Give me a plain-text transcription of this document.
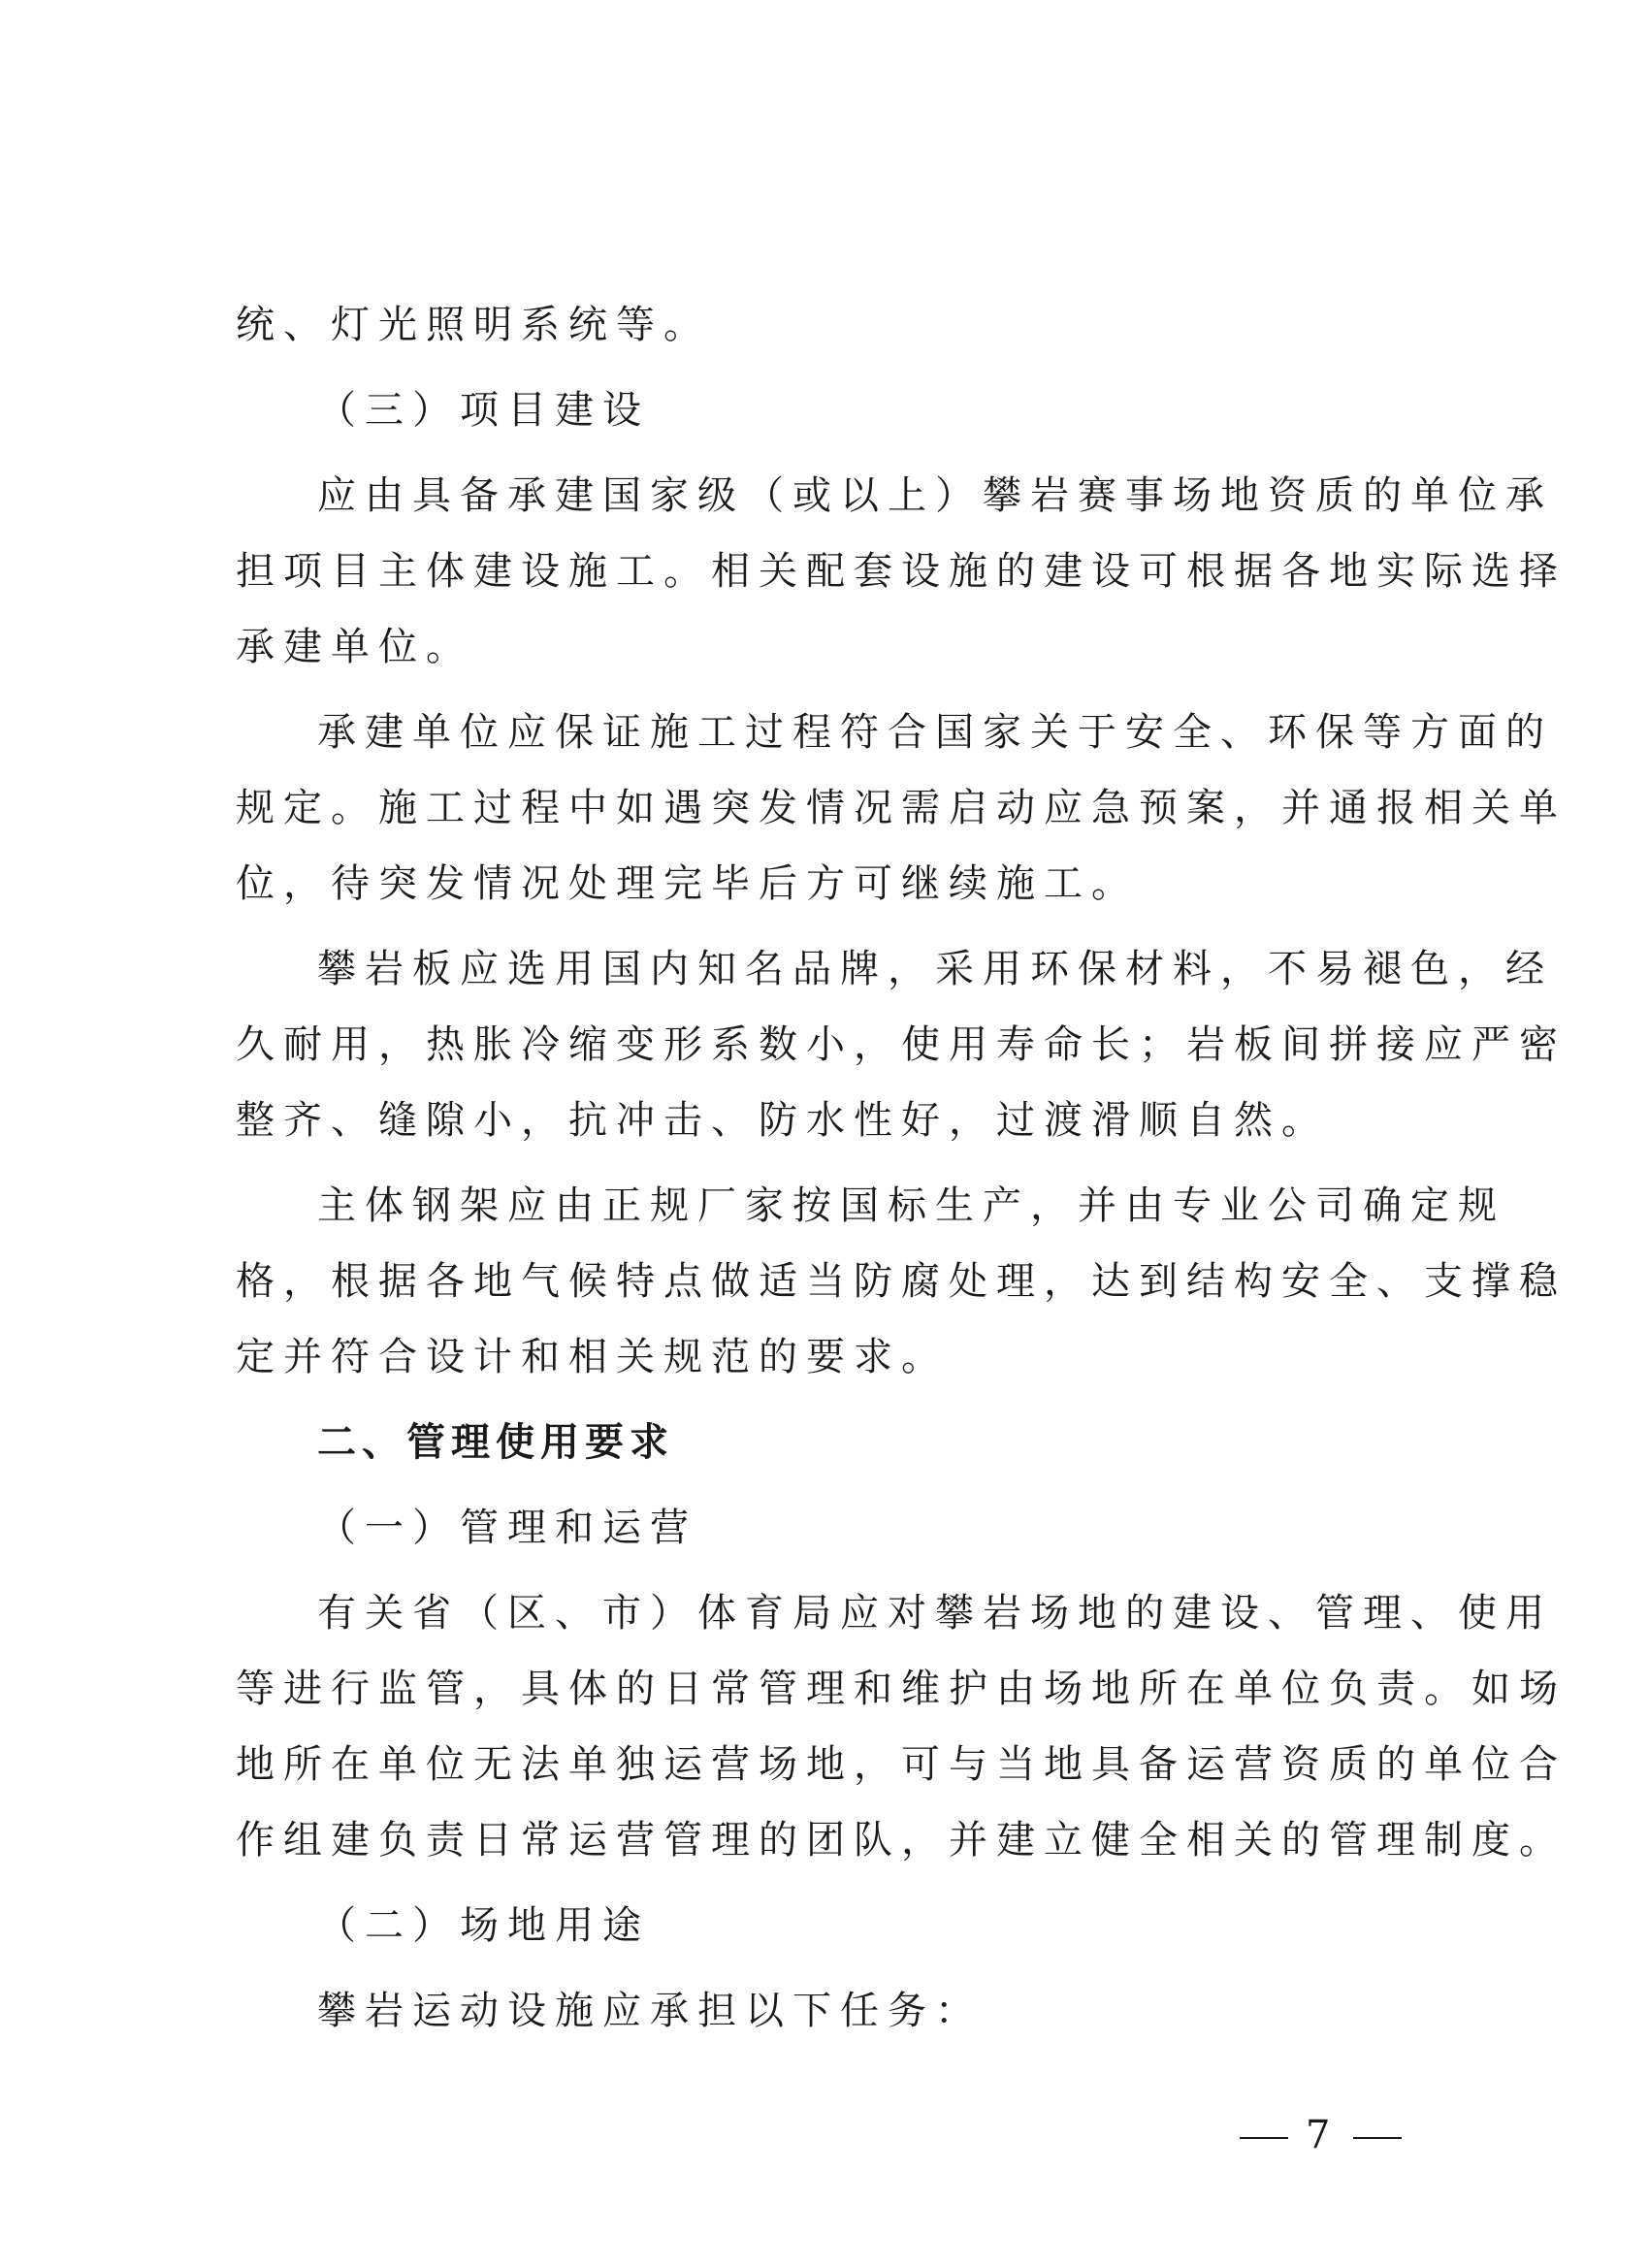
统、灯光照明系统等。
（三）项目建设
应由具备承建国家级（或以上）攀岩赛事场地资质的单位承
担项目主体建设施工。相关配套设施的建设可根据各地实际选择
承建单位。
承建单位应保证施工过程符合国家关于安全、环保等方面的
规定。施工过程中如遇突发情况需启动应急预案，并通报相关单
位，待突发情况处理完毕后方可继续施工。
攀岩板应选用国内知名品牌，采用环保材料，不易褪色，经
久耐用，热胀冷缩变形系数小，使用寿命长；岩板间拼接应严密
整齐、缝隙小，抗冲击、防水性好，过渡滑顺自然。
主体钢架应由正规厂家按国标生产，并由专业公司确定规
格，根据各地气候特点做适当防腐处理，达到结构安全、支撑稳
定并符合设计和相关规范的要求。
二、管理使用要求
（一）管理和运营
有关省（区、市）体育局应对攀岩场地的建设、管理、使用
等进行监管，具体的日常管理和维护由场地所在单位负责。如场
地所在单位无法单独运营场地，可与当地具备运营资质的单位合
作组建负责日常运营管理的团队，并建立健全相关的管理制度。
（二）场地用途
攀岩运动设施应承担以下任务：
7
